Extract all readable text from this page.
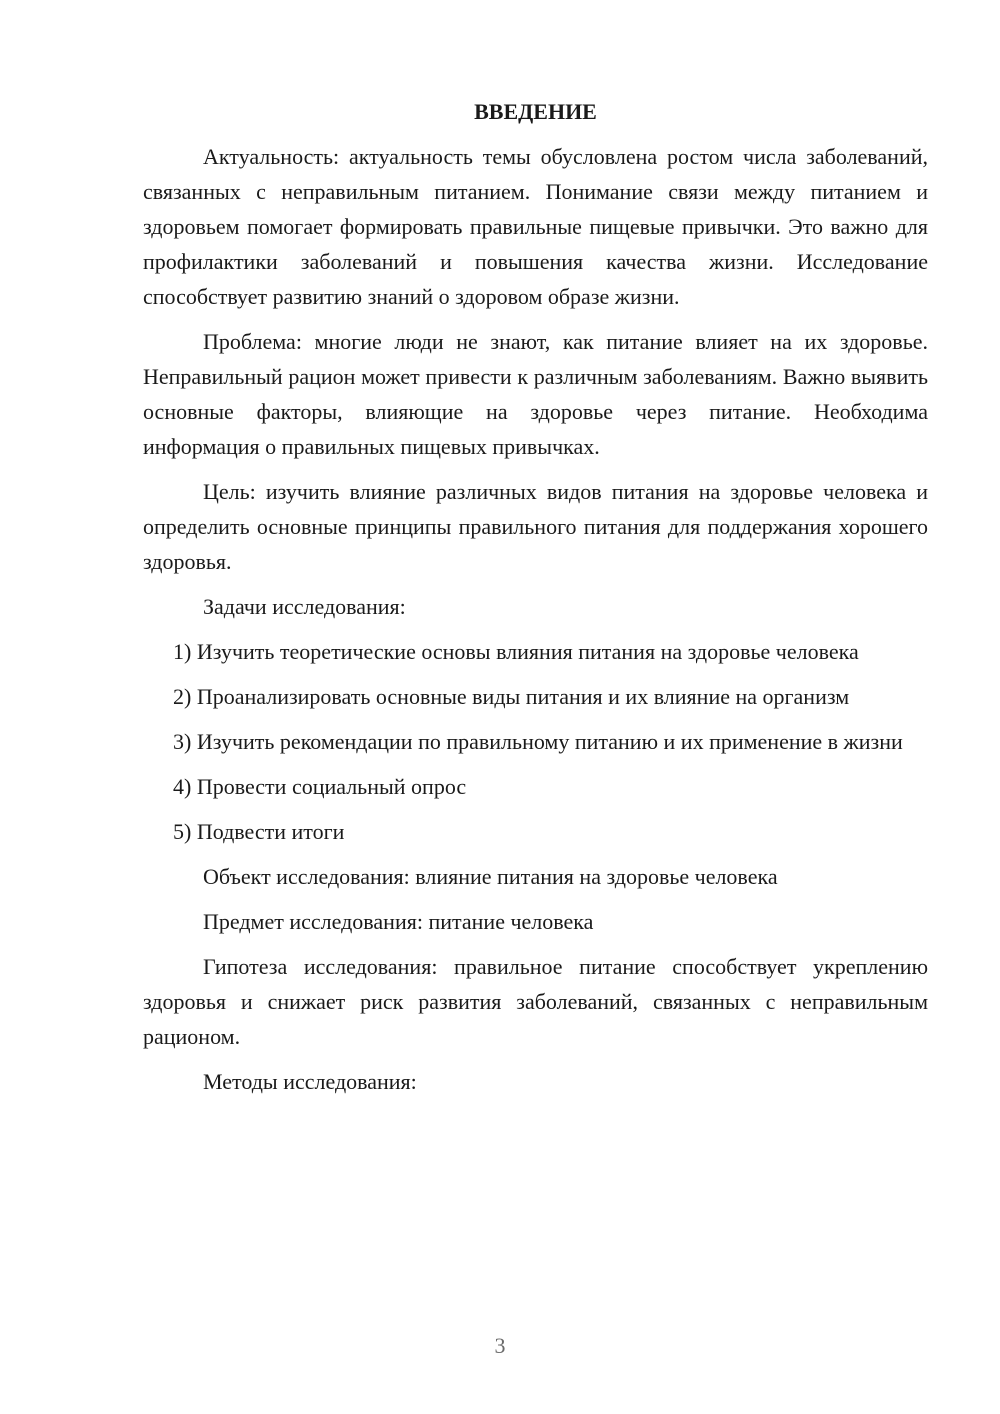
ВВЕДЕНИЕ

Актуальность: актуальность темы обусловлена ростом числа заболеваний, связанных с неправильным питанием. Понимание связи между питанием и здоровьем помогает формировать правильные пищевые привычки. Это важно для профилактики заболеваний и повышения качества жизни. Исследование способствует развитию знаний о здоровом образе жизни.

Проблема: многие люди не знают, как питание влияет на их здоровье. Неправильный рацион может привести к различным заболеваниям. Важно выявить основные факторы, влияющие на здоровье через питание. Необходима информация о правильных пищевых привычках.

Цель: изучить влияние различных видов питания на здоровье человека и определить основные принципы правильного питания для поддержания хорошего здоровья.

Задачи исследования:

1) Изучить теоретические основы влияния питания на здоровье человека

2) Проанализировать основные виды питания и их влияние на организм

3) Изучить рекомендации по правильному питанию и их применение в жизни

4) Провести социальный опрос

5) Подвести итоги

Объект исследования: влияние питания на здоровье человека

Предмет исследования: питание человека

Гипотеза исследования: правильное питание способствует укреплению здоровья и снижает риск развития заболеваний, связанных с неправильным рационом.

Методы исследования:

3
